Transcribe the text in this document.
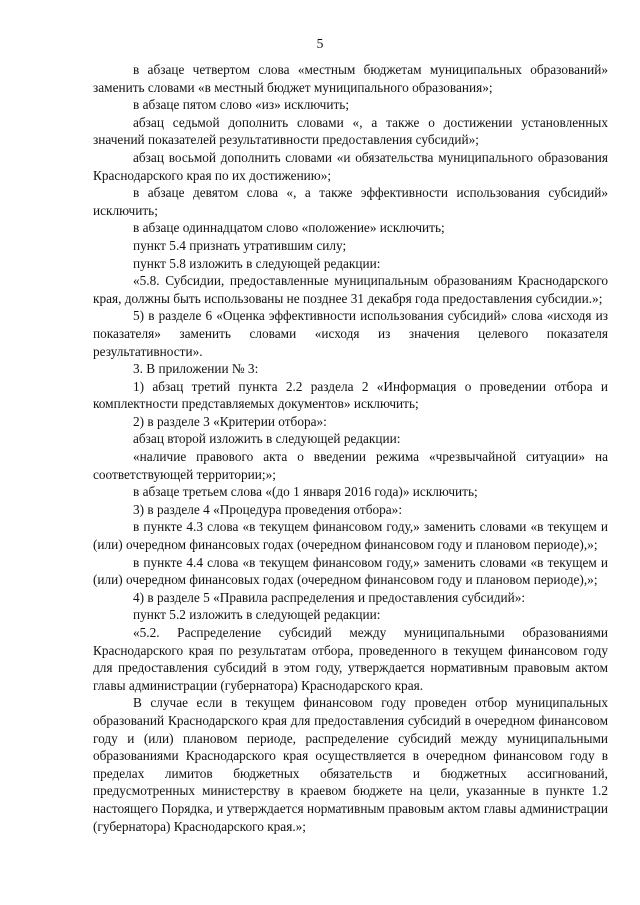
5

в абзаце четвертом слова «местным бюджетам муниципальных образований» заменить словами «в местный бюджет муниципального образования»;

в абзаце пятом слово «из» исключить;

абзац седьмой дополнить словами «, а также о достижении установленных значений показателей результативности предоставления субсидий»;

абзац восьмой дополнить словами «и обязательства муниципального образования Краснодарского края по их достижению»;

в абзаце девятом слова «, а также эффективности использования субсидий» исключить;

в абзаце одиннадцатом слово «положение» исключить;

пункт 5.4 признать утратившим силу;

пункт 5.8 изложить в следующей редакции:

«5.8. Субсидии, предоставленные муниципальным образованиям Краснодарского края, должны быть использованы не позднее 31 декабря года предоставления субсидии.»;

5) в разделе 6 «Оценка эффективности использования субсидий» слова «исходя из показателя» заменить словами «исходя из значения целевого показателя результативности».

3. В приложении № 3:

1) абзац третий пункта 2.2 раздела 2 «Информация о проведении отбора и комплектности представляемых документов» исключить;

2) в разделе 3 «Критерии отбора»:

абзац второй изложить в следующей редакции:

«наличие правового акта о введении режима «чрезвычайной ситуации» на соответствующей территории;»;

в абзаце третьем слова «(до 1 января 2016 года)» исключить;

3) в разделе 4 «Процедура проведения отбора»:

в пункте 4.3 слова «в текущем финансовом году,» заменить словами «в текущем и (или) очередном финансовых годах (очередном финансовом году и плановом периоде),»;

в пункте 4.4 слова «в текущем финансовом году,» заменить словами «в текущем и (или) очередном финансовых годах (очередном финансовом году и плановом периоде),»;

4) в разделе 5 «Правила распределения и предоставления субсидий»:

пункт 5.2 изложить в следующей редакции:

«5.2. Распределение субсидий между муниципальными образованиями Краснодарского края по результатам отбора, проведенного в текущем финансовом году для предоставления субсидий в этом году, утверждается нормативным правовым актом главы администрации (губернатора) Краснодарского края.

В случае если в текущем финансовом году проведен отбор муниципальных образований Краснодарского края для предоставления субсидий в очередном финансовом году и (или) плановом периоде, распределение субсидий между муниципальными образованиями Краснодарского края осуществляется в очередном финансовом году в пределах лимитов бюджетных обязательств и бюджетных ассигнований, предусмотренных министерству в краевом бюджете на цели, указанные в пункте 1.2 настоящего Порядка, и утверждается нормативным правовым актом главы администрации (губернатора) Краснодарского края.»;
